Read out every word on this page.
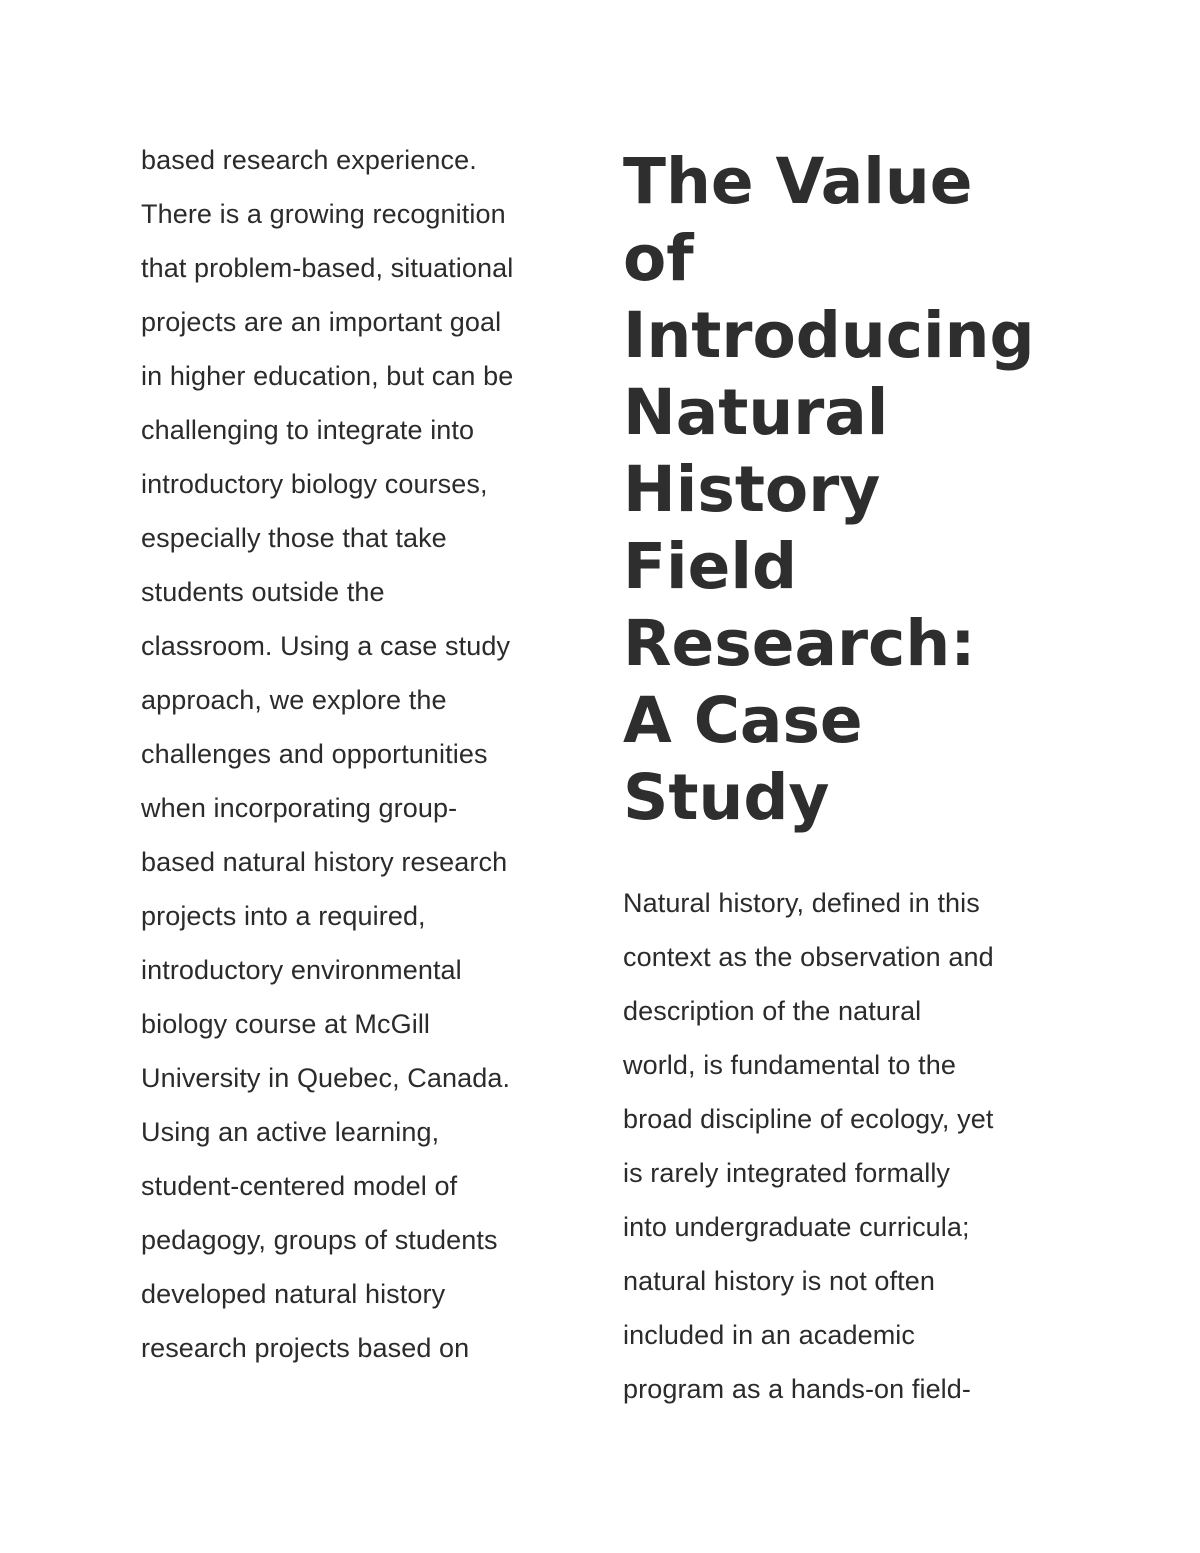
based research experience.
There is a growing recognition
that problem-based, situational
projects are an important goal
in higher education, but can be
challenging to integrate into
introductory biology courses,
especially those that take
students outside the
classroom. Using a case study
approach, we explore the
challenges and opportunities
when incorporating group-
based natural history research
projects into a required,
introductory environmental
biology course at McGill
University in Quebec, Canada.
Using an active learning,
student-centered model of
pedagogy, groups of students
developed natural history
research projects based on
The Value
of
Introducing
Natural
History
Field
Research:
A Case
Study
Natural history, defined in this
context as the observation and
description of the natural
world, is fundamental to the
broad discipline of ecology, yet
is rarely integrated formally
into undergraduate curricula;
natural history is not often
included in an academic
program as a hands-on field-
